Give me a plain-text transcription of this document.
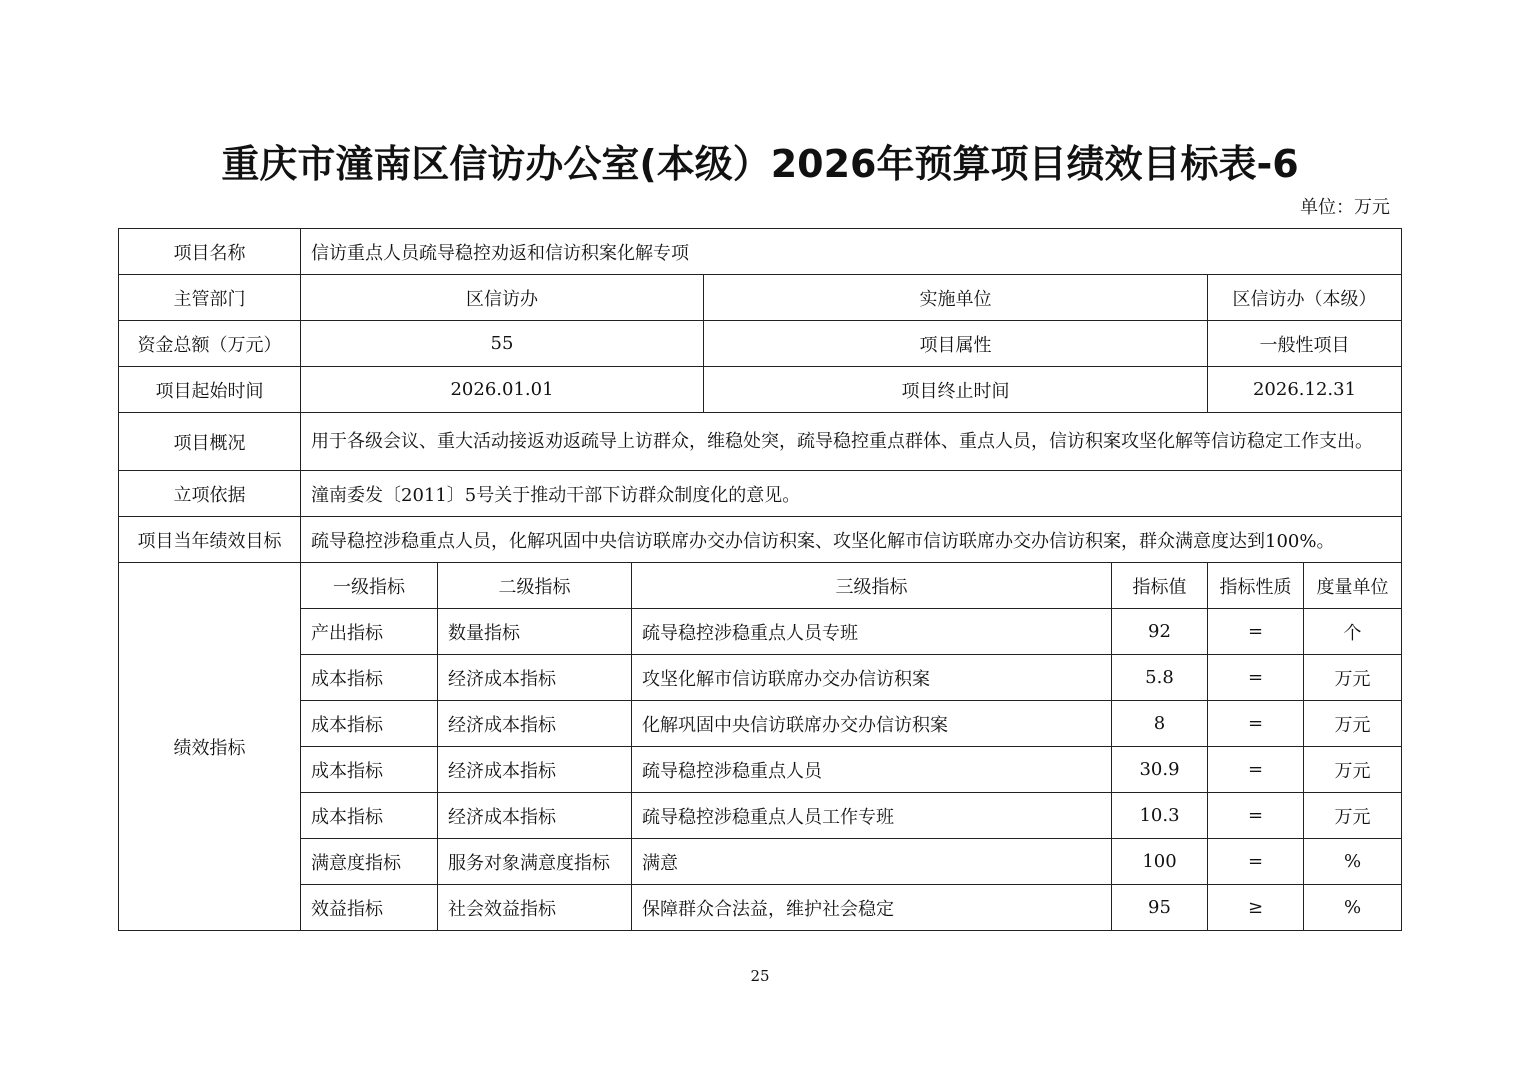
重庆市潼南区信访办公室(本级）2026年预算项目绩效目标表-6
单位：万元
项目名称	信访重点人员疏导稳控劝返和信访积案化解专项						
主管部门	区信访办			实施单位		区信访办（本级）	
资金总额（万元）	55			项目属性		一般性项目	
项目起始时间	2026.01.01			项目终止时间		2026.12.31	
项目概况	用于各级会议、重大活动接返劝返疏导上访群众，维稳处突，疏导稳控重点群体、重点人员，信访积案攻坚化解等信访稳定工作支出。						
立项依据	潼南委发〔2011〕5号关于推动干部下访群众制度化的意见。						
项目当年绩效目标	疏导稳控涉稳重点人员，化解巩固中央信访联席办交办信访积案、攻坚化解市信访联席办交办信访积案，群众满意度达到100%。						
绩效指标	一级指标	二级指标	三级指标		指标值	指标性质	度量单位
	产出指标	数量指标	疏导稳控涉稳重点人员专班		92	=	个
	成本指标	经济成本指标	攻坚化解市信访联席办交办信访积案		5.8	=	万元
	成本指标	经济成本指标	化解巩固中央信访联席办交办信访积案		8	=	万元
	成本指标	经济成本指标	疏导稳控涉稳重点人员		30.9	=	万元
	成本指标	经济成本指标	疏导稳控涉稳重点人员工作专班		10.3	=	万元
	满意度指标	服务对象满意度指标	满意		100	=	%
	效益指标	社会效益指标	保障群众合法益，维护社会稳定		95	≥	%
25
